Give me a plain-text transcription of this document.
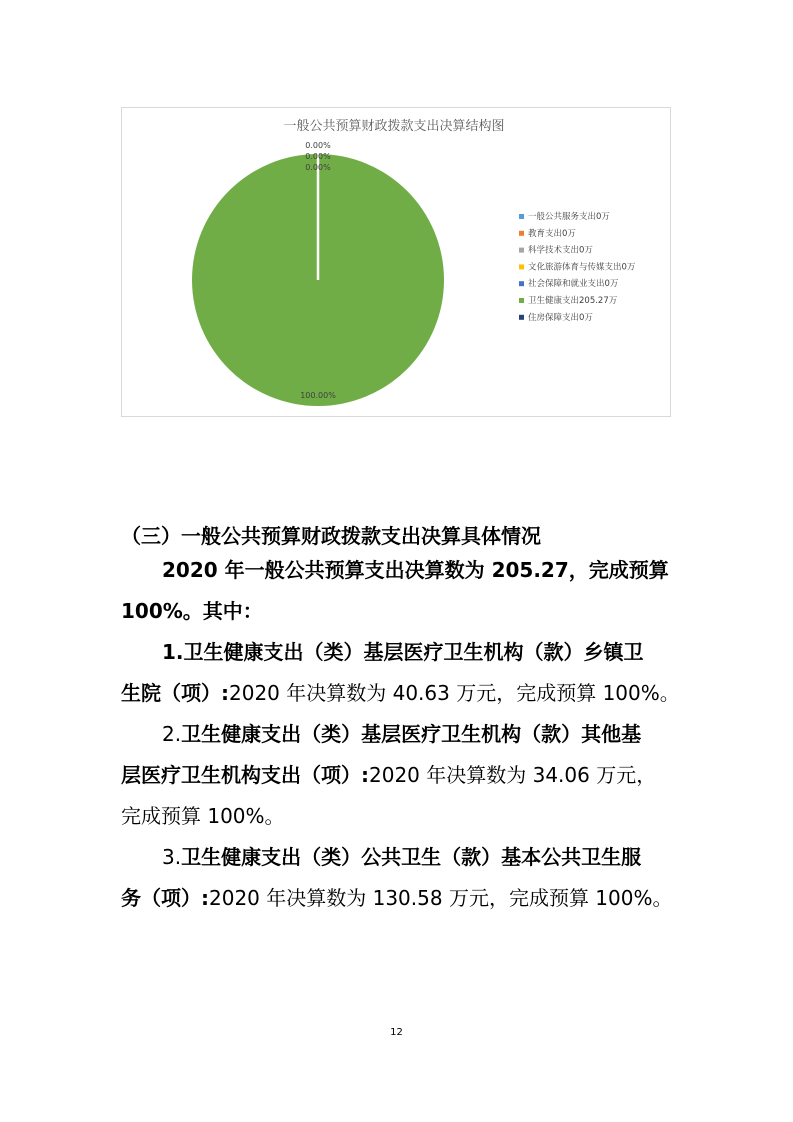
一般公共预算财政拨款支出决算结构图
0.00%
0.00%
0.00%
100.00%
一般公共服务支出0万
教育支出0万
科学技术支出0万
文化旅游体育与传媒支出0万
社会保障和就业支出0万
卫生健康支出205.27万
住房保障支出0万

（三）一般公共预算财政拨款支出决算具体情况

2020 年一般公共预算支出决算数为 205.27，完成预算

100%。其中：

1.卫生健康支出（类）基层医疗卫生机构（款）乡镇卫

生院（项）:2020 年决算数为 40.63 万元，完成预算 100%。

2.卫生健康支出（类）基层医疗卫生机构（款）其他基

层医疗卫生机构支出（项）:2020 年决算数为 34.06 万元，

完成预算 100%。

3.卫生健康支出（类）公共卫生（款）基本公共卫生服

务（项）:2020 年决算数为 130.58 万元，完成预算 100%。

12
